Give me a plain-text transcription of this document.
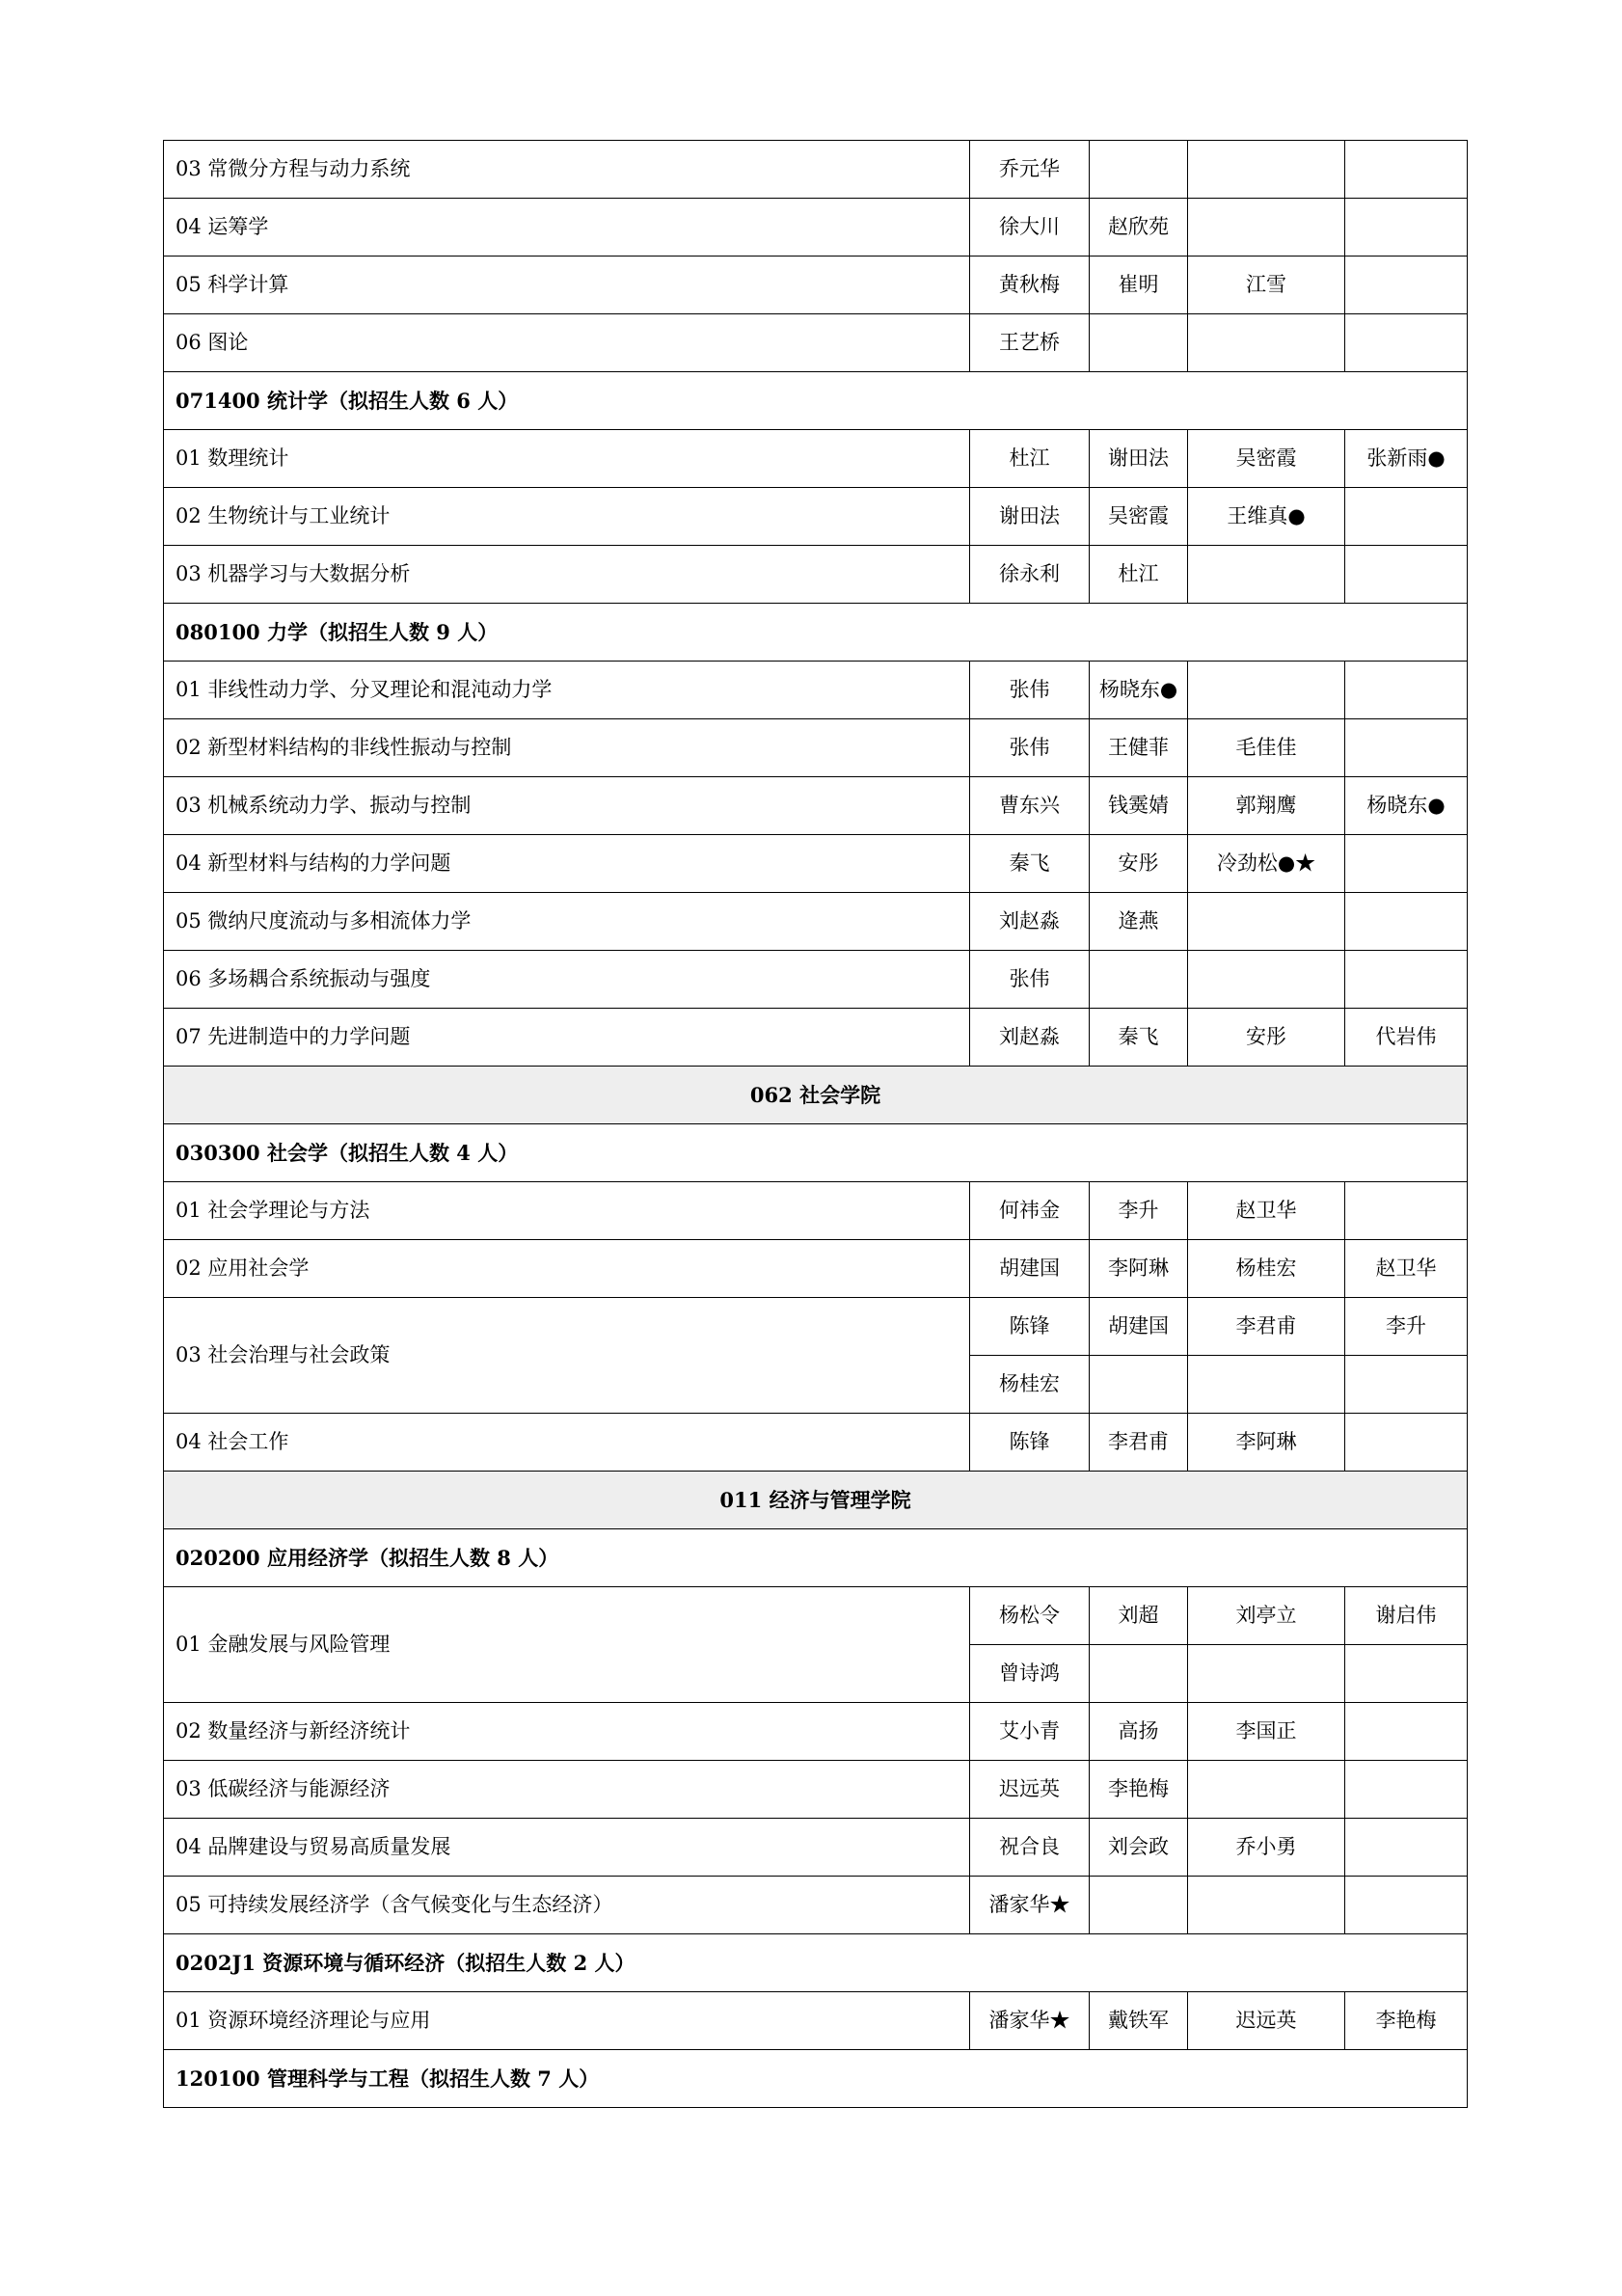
03 常微分方程与动力系统	乔元华			
04 运筹学	徐大川	赵欣苑		
05 科学计算	黄秋梅	崔明	江雪	
06 图论	王艺桥			
071400 统计学（拟招生人数 6 人）				
01 数理统计	杜江	谢田法	吴密霞	张新雨●
02 生物统计与工业统计	谢田法	吴密霞	王维真●	
03 机器学习与大数据分析	徐永利	杜江		
080100 力学（拟招生人数 9 人）				
01 非线性动力学、分叉理论和混沌动力学	张伟	杨晓东●		
02 新型材料结构的非线性振动与控制	张伟	王健菲	毛佳佳	
03 机械系统动力学、振动与控制	曹东兴	钱霙婧	郭翔鹰	杨晓东●
04 新型材料与结构的力学问题	秦飞	安彤	冷劲松●★	
05 微纳尺度流动与多相流体力学	刘赵淼	逄燕		
06 多场耦合系统振动与强度	张伟			
07 先进制造中的力学问题	刘赵淼	秦飞	安彤	代岩伟
062 社会学院				
030300 社会学（拟招生人数 4 人）				
01 社会学理论与方法	何祎金	李升	赵卫华	
02 应用社会学	胡建国	李阿琳	杨桂宏	赵卫华
03 社会治理与社会政策	陈锋	胡建国	李君甫	李升
	杨桂宏			
04 社会工作	陈锋	李君甫	李阿琳	
011 经济与管理学院				
020200 应用经济学（拟招生人数 8 人）				
01 金融发展与风险管理	杨松令	刘超	刘亭立	谢启伟
	曾诗鸿			
02 数量经济与新经济统计	艾小青	高扬	李国正	
03 低碳经济与能源经济	迟远英	李艳梅		
04 品牌建设与贸易高质量发展	祝合良	刘会政	乔小勇	
05 可持续发展经济学（含气候变化与生态经济）	潘家华★			
0202J1 资源环境与循环经济（拟招生人数 2 人）				
01 资源环境经济理论与应用	潘家华★	戴铁军	迟远英	李艳梅
120100 管理科学与工程（拟招生人数 7 人）				
